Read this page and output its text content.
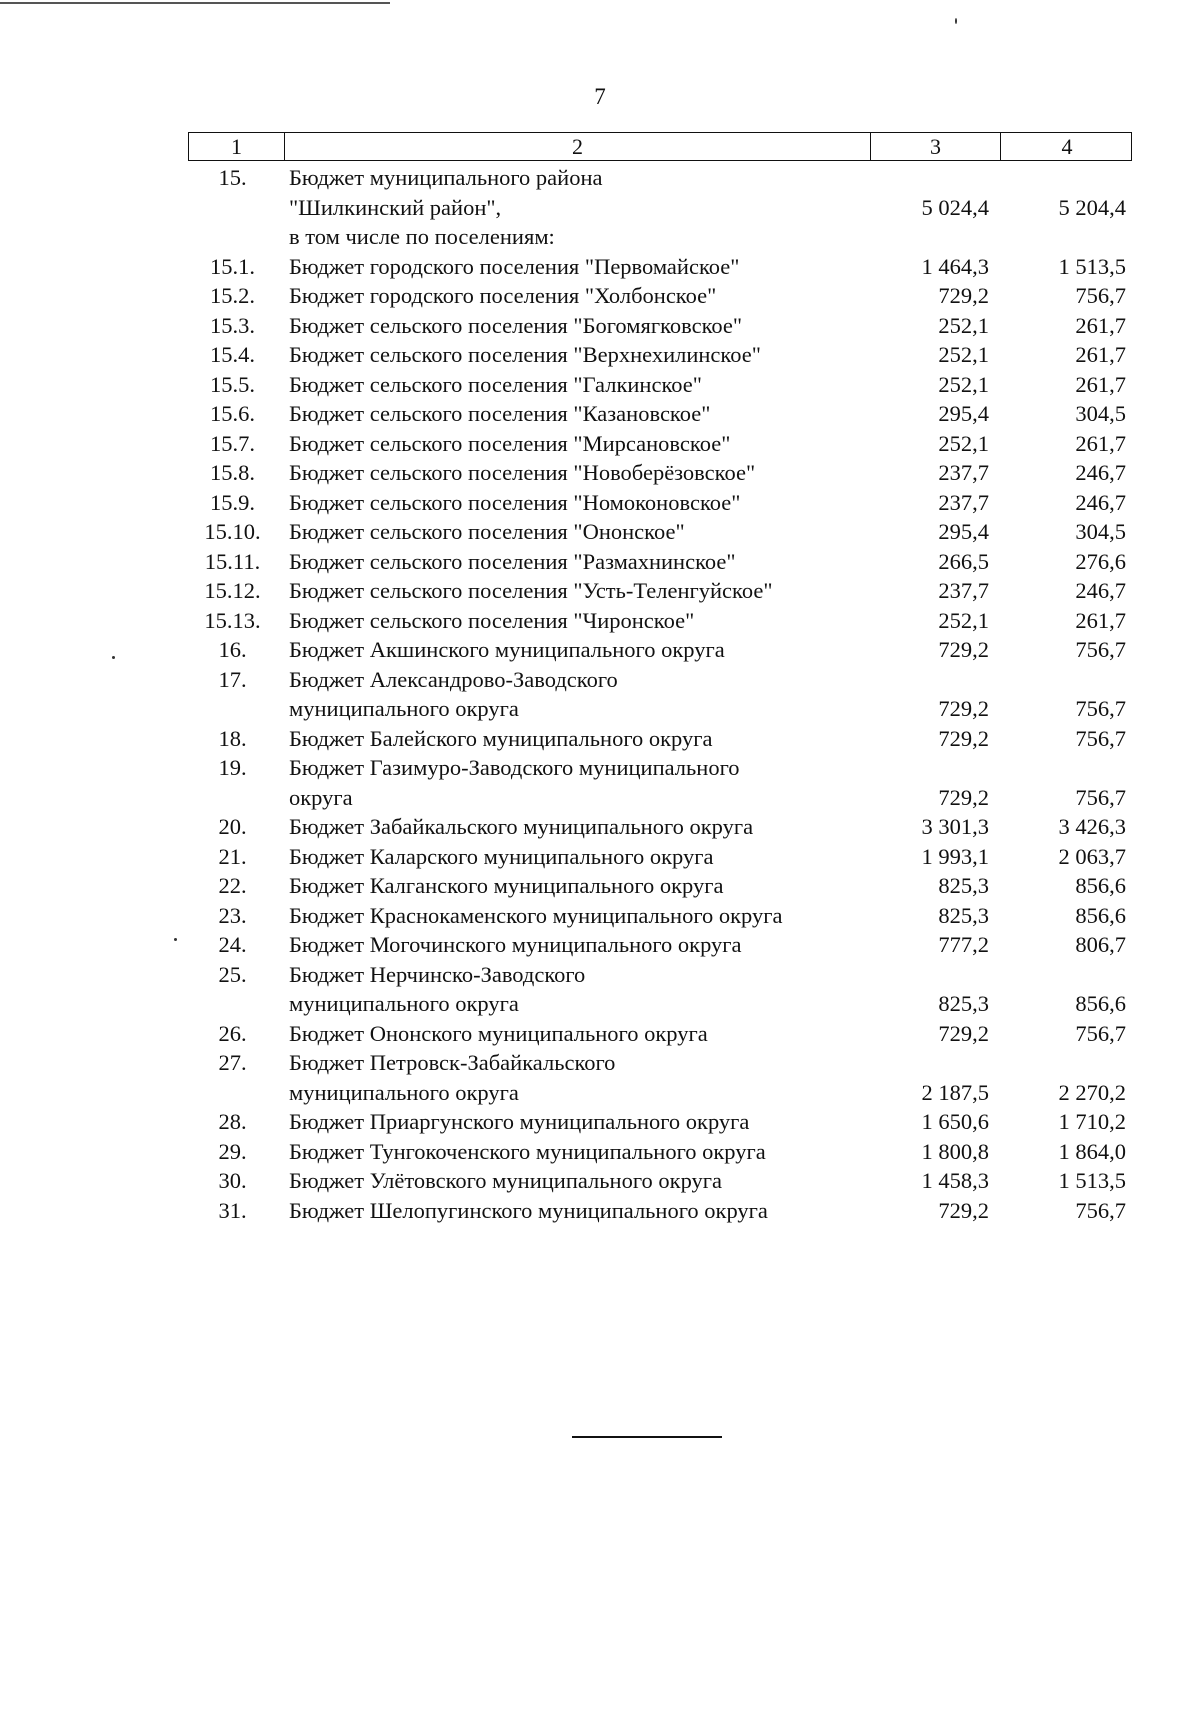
7
1	2	3	4
15.	Бюджет муниципального района
"Шилкинский район",	5 024,4	5 204,4
в том числе по поселениям:
15.1.	Бюджет городского поселения "Первомайское"	1 464,3	1 513,5
15.2.	Бюджет городского поселения "Холбонское"	729,2	756,7
15.3.	Бюджет сельского поселения "Богомягковское"	252,1	261,7
15.4.	Бюджет сельского поселения "Верхнехилинское"	252,1	261,7
15.5.	Бюджет сельского поселения "Галкинское"	252,1	261,7
15.6.	Бюджет сельского поселения "Казановское"	295,4	304,5
15.7.	Бюджет сельского поселения "Мирсановское"	252,1	261,7
15.8.	Бюджет сельского поселения "Новоберёзовское"	237,7	246,7
15.9.	Бюджет сельского поселения "Номоконовское"	237,7	246,7
15.10.	Бюджет сельского поселения "Ононское"	295,4	304,5
15.11.	Бюджет сельского поселения "Размахнинское"	266,5	276,6
15.12.	Бюджет сельского поселения "Усть-Теленгуйское"	237,7	246,7
15.13.	Бюджет сельского поселения "Чиронское"	252,1	261,7
16.	Бюджет Акшинского муниципального округа	729,2	756,7
17.	Бюджет Александрово-Заводского
муниципального округа	729,2	756,7
18.	Бюджет Балейского муниципального округа	729,2	756,7
19.	Бюджет Газимуро-Заводского муниципального
округа	729,2	756,7
20.	Бюджет Забайкальского муниципального округа	3 301,3	3 426,3
21.	Бюджет Каларского муниципального округа	1 993,1	2 063,7
22.	Бюджет Калганского муниципального округа	825,3	856,6
23.	Бюджет Краснокаменского муниципального округа	825,3	856,6
24.	Бюджет Могочинского муниципального округа	777,2	806,7
25.	Бюджет Нерчинско-Заводского
муниципального округа	825,3	856,6
26.	Бюджет Ононского муниципального округа	729,2	756,7
27.	Бюджет Петровск-Забайкальского
муниципального округа	2 187,5	2 270,2
28.	Бюджет Приаргунского муниципального округа	1 650,6	1 710,2
29.	Бюджет Тунгокоченского муниципального округа	1 800,8	1 864,0
30.	Бюджет Улётовского муниципального округа	1 458,3	1 513,5
31.	Бюджет Шелопугинского муниципального округа	729,2	756,7
